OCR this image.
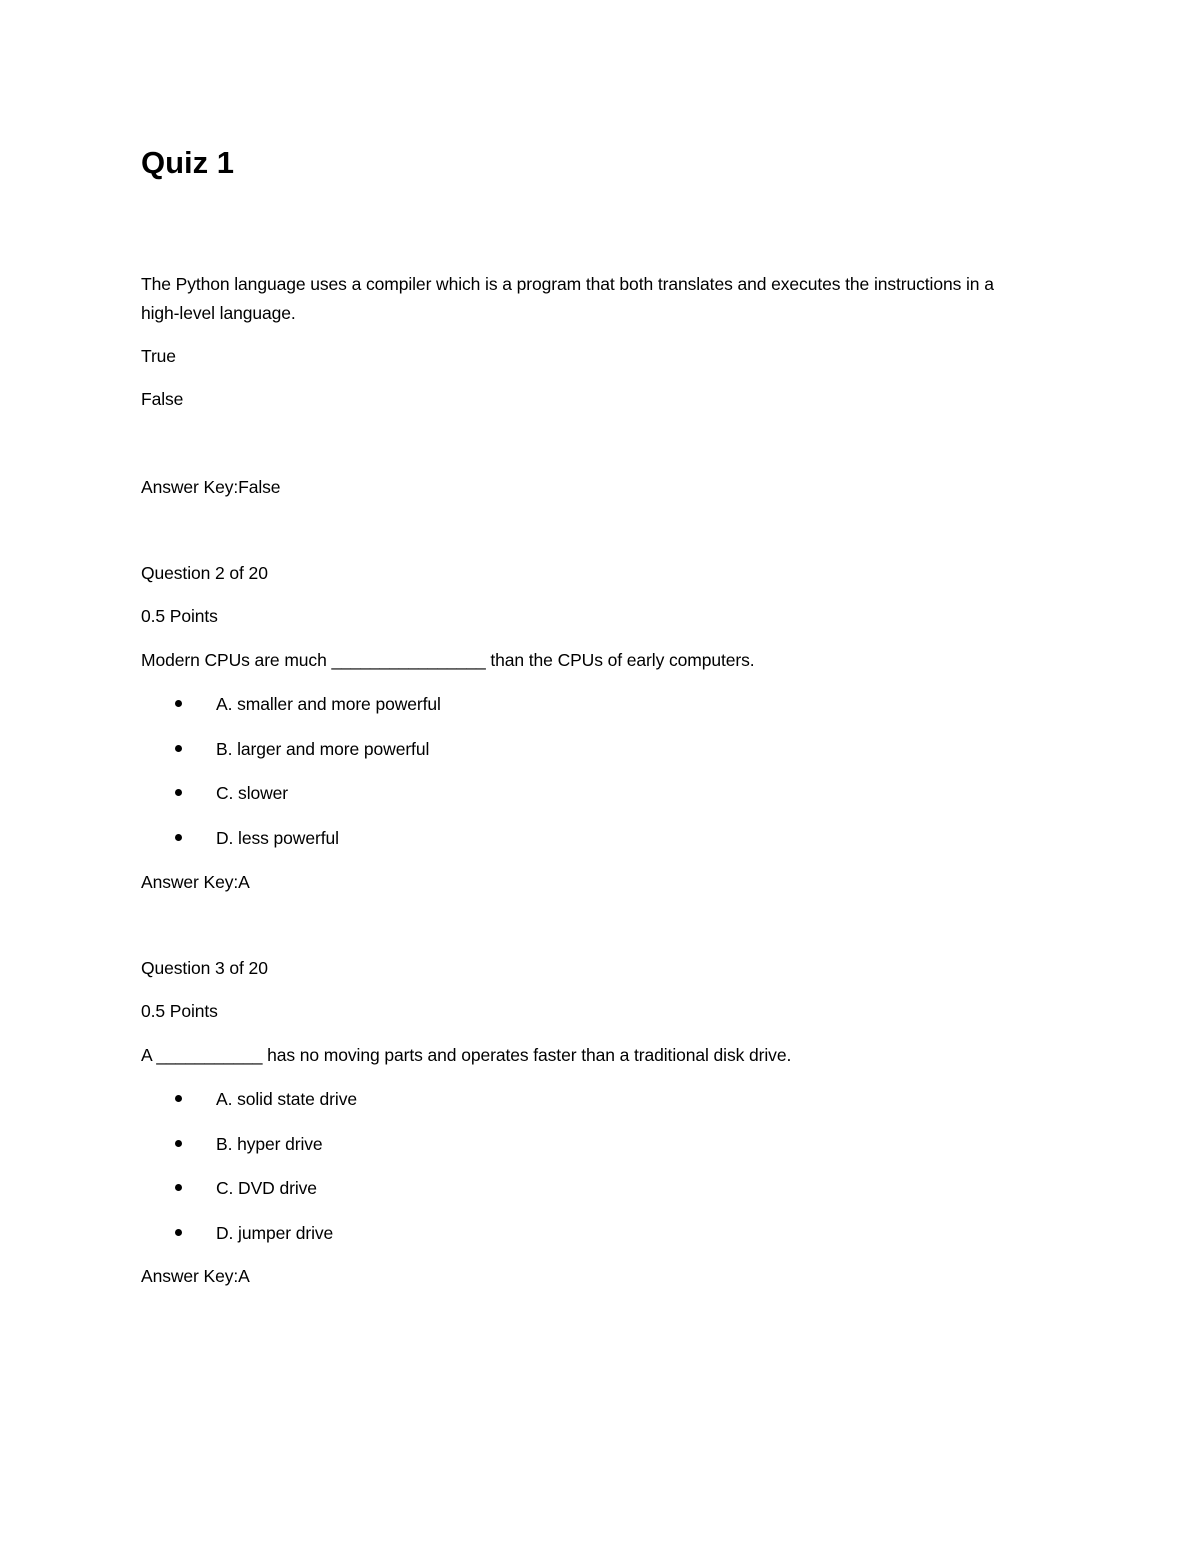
Quiz 1
The Python language uses a compiler which is a program that both translates and executes the instructions in a
high-level language.
True
False
Answer Key:False
Question 2 of 20
0.5 Points
Modern CPUs are much ________________ than the CPUs of early computers.
A. smaller and more powerful
B. larger and more powerful
C. slower
D. less powerful
Answer Key:A
Question 3 of 20
0.5 Points
A ___________ has no moving parts and operates faster than a traditional disk drive.
A. solid state drive
B. hyper drive
C. DVD drive
D. jumper drive
Answer Key:A
